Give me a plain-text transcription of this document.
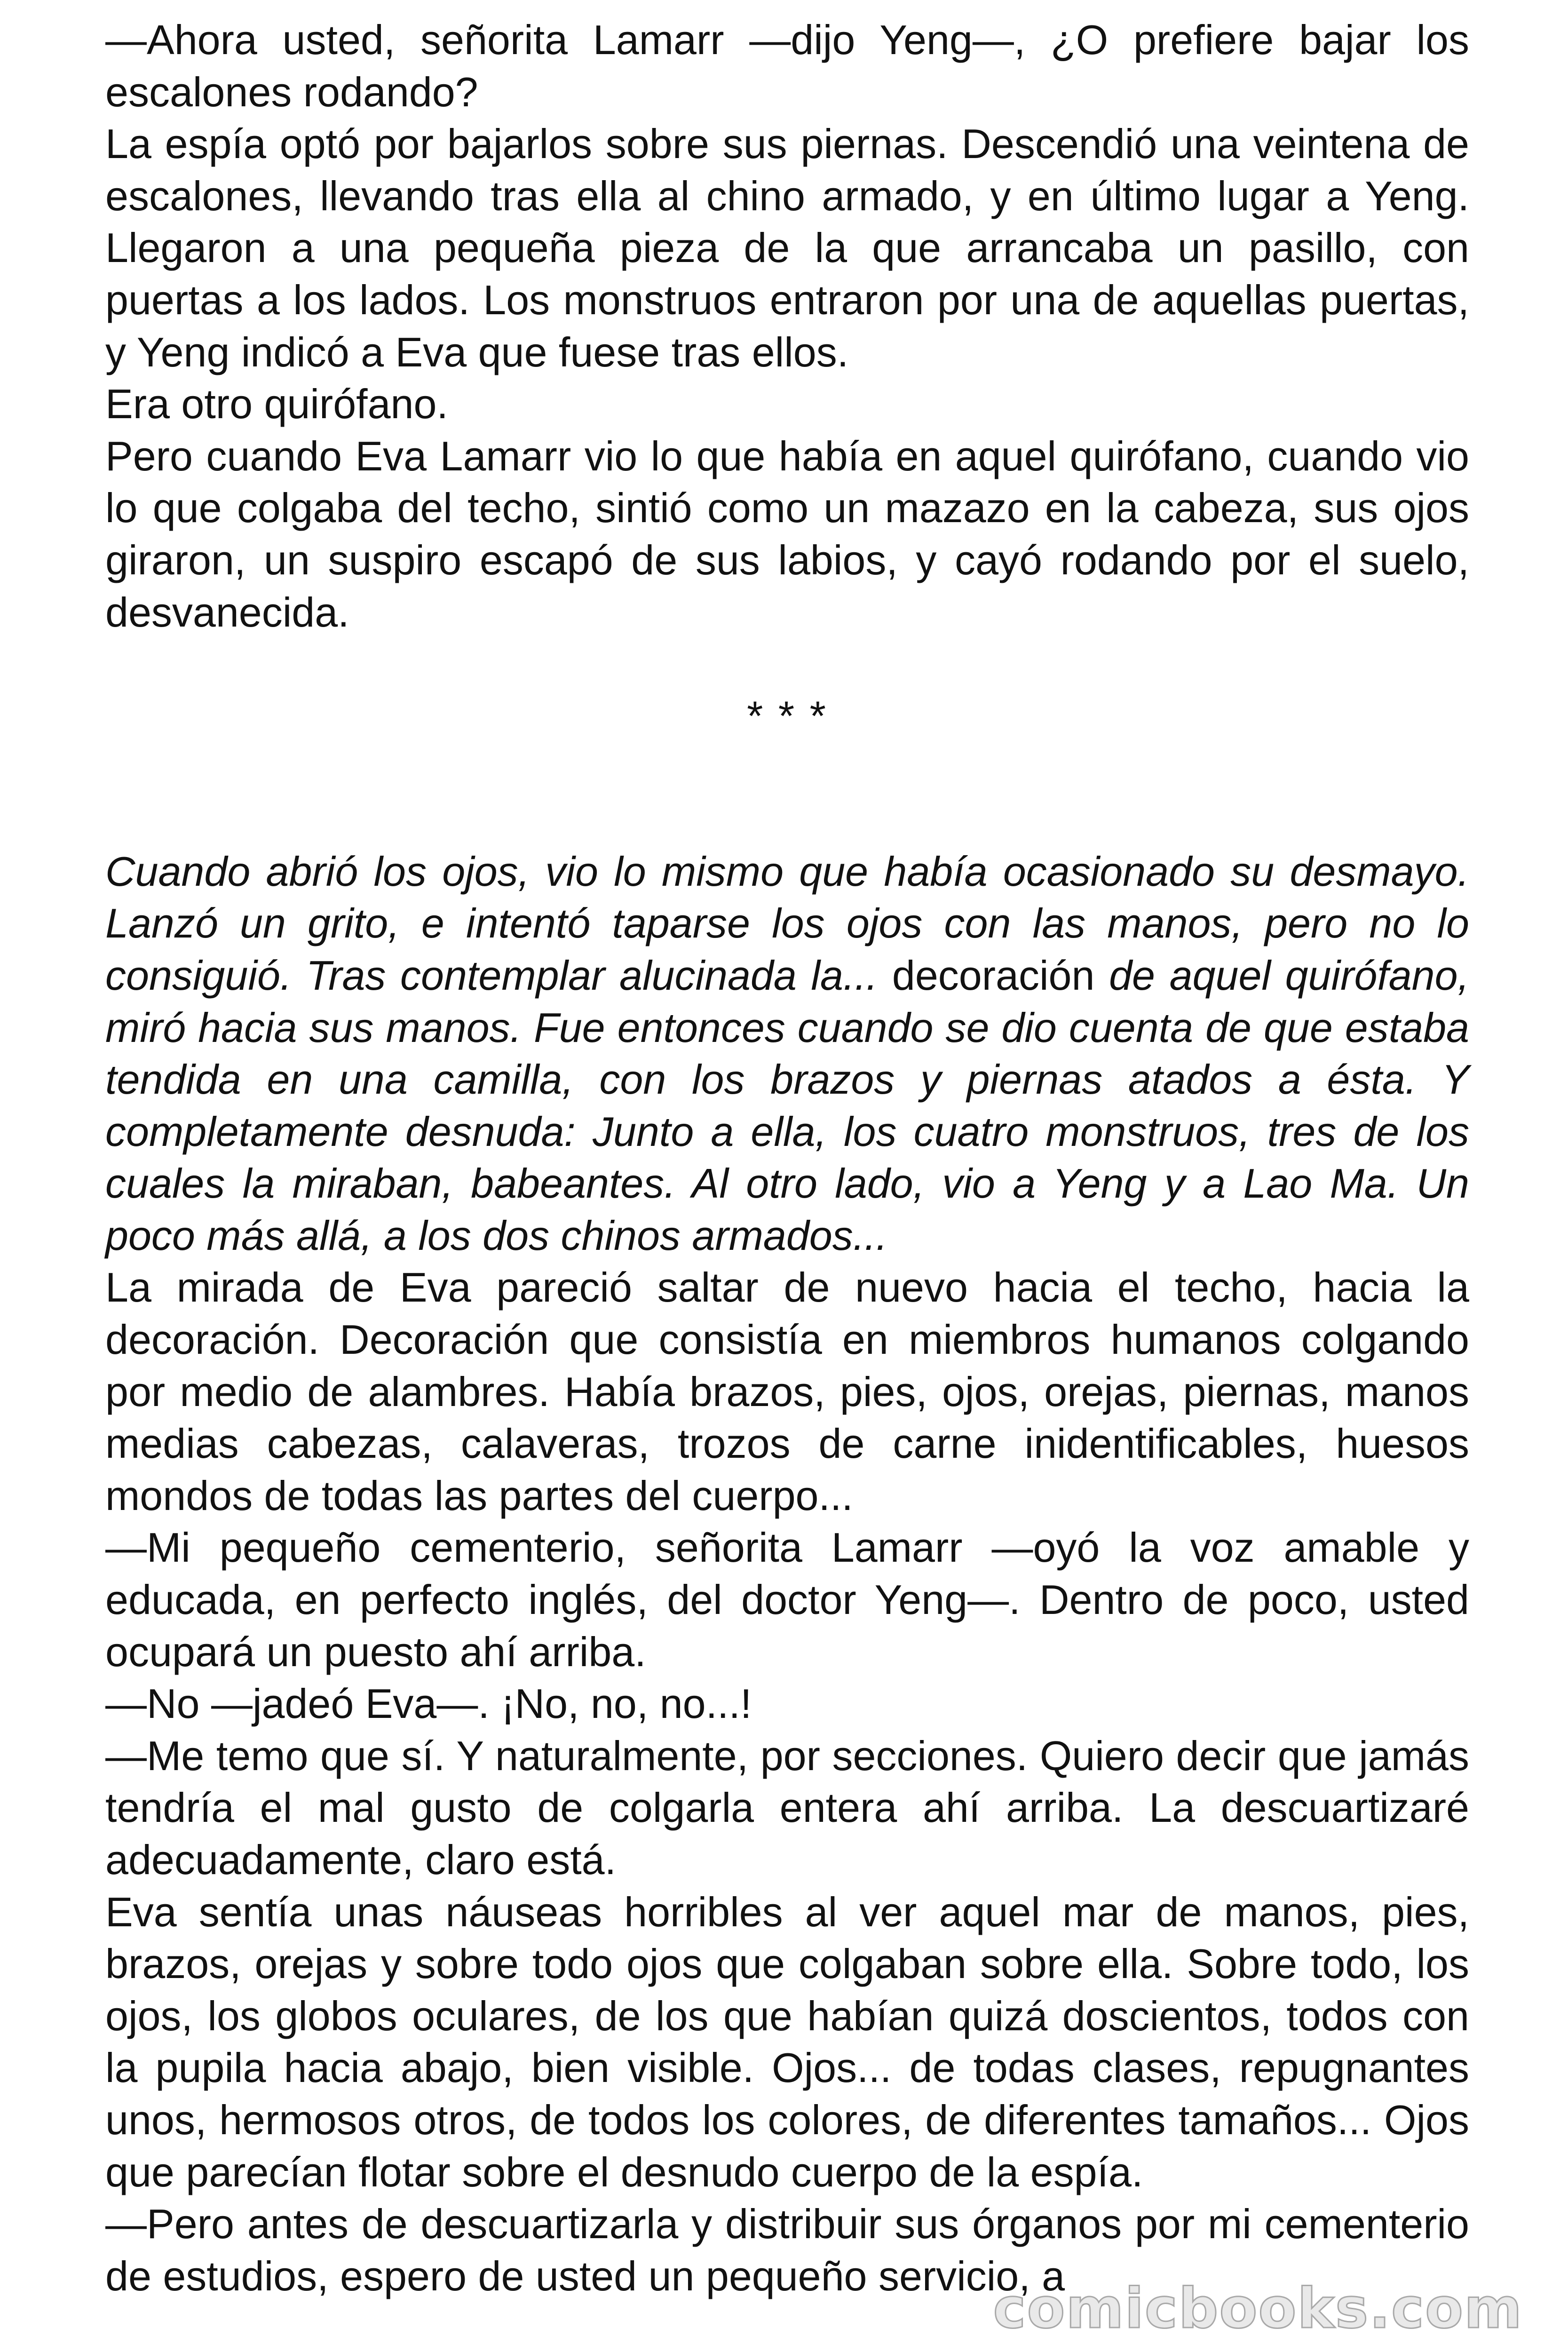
—Ahora usted, señorita Lamarr —dijo Yeng—, ¿O prefiere bajar los escalones rodando?

La espía optó por bajarlos sobre sus piernas. Descendió una veintena de escalones, llevando tras ella al chino armado, y en último lugar a Yeng. Llegaron a una pequeña pieza de la que arrancaba un pasillo, con puertas a los lados. Los monstruos entraron por una de aquellas puertas, y Yeng indicó a Eva que fuese tras ellos.

Era otro quirófano.

Pero cuando Eva Lamarr vio lo que había en aquel quirófano, cuando vio lo que colgaba del techo, sintió como un mazazo en la cabeza, sus ojos giraron, un suspiro escapó de sus labios, y cayó rodando por el suelo, desvanecida.

* * *

Cuando abrió los ojos, vio lo mismo que había ocasionado su desmayo. Lanzó un grito, e intentó taparse los ojos con las manos, pero no lo consiguió. Tras contemplar alucinada la... decoración de aquel quirófano, miró hacia sus manos. Fue entonces cuando se dio cuenta de que estaba tendida en una camilla, con los brazos y piernas atados a ésta. Y completamente desnuda: Junto a ella, los cuatro monstruos, tres de los cuales la miraban, babeantes. Al otro lado, vio a Yeng y a Lao Ma. Un poco más allá, a los dos chinos armados...

La mirada de Eva pareció saltar de nuevo hacia el techo, hacia la decoración. Decoración que consistía en miembros humanos colgando por medio de alambres. Había brazos, pies, ojos, orejas, piernas, manos medias cabezas, calaveras, trozos de carne inidentificables, huesos mondos de todas las partes del cuerpo...

—Mi pequeño cementerio, señorita Lamarr —oyó la voz amable y educada, en perfecto inglés, del doctor Yeng—. Dentro de poco, usted ocupará un puesto ahí arriba.

—No —jadeó Eva—. ¡No, no, no...!

—Me temo que sí. Y naturalmente, por secciones. Quiero decir que jamás tendría el mal gusto de colgarla entera ahí arriba. La descuartizaré adecuadamente, claro está.

Eva sentía unas náuseas horribles al ver aquel mar de manos, pies, brazos, orejas y sobre todo ojos que colgaban sobre ella. Sobre todo, los ojos, los globos oculares, de los que habían quizá doscientos, todos con la pupila hacia abajo, bien visible. Ojos... de todas clases, repugnantes unos, hermosos otros, de todos los colores, de diferentes tamaños... Ojos que parecían flotar sobre el desnudo cuerpo de la espía.

—Pero antes de descuartizarla y distribuir sus órganos por mi cementerio de estudios, espero de usted un pequeño servicio, a

comicbooks.com
